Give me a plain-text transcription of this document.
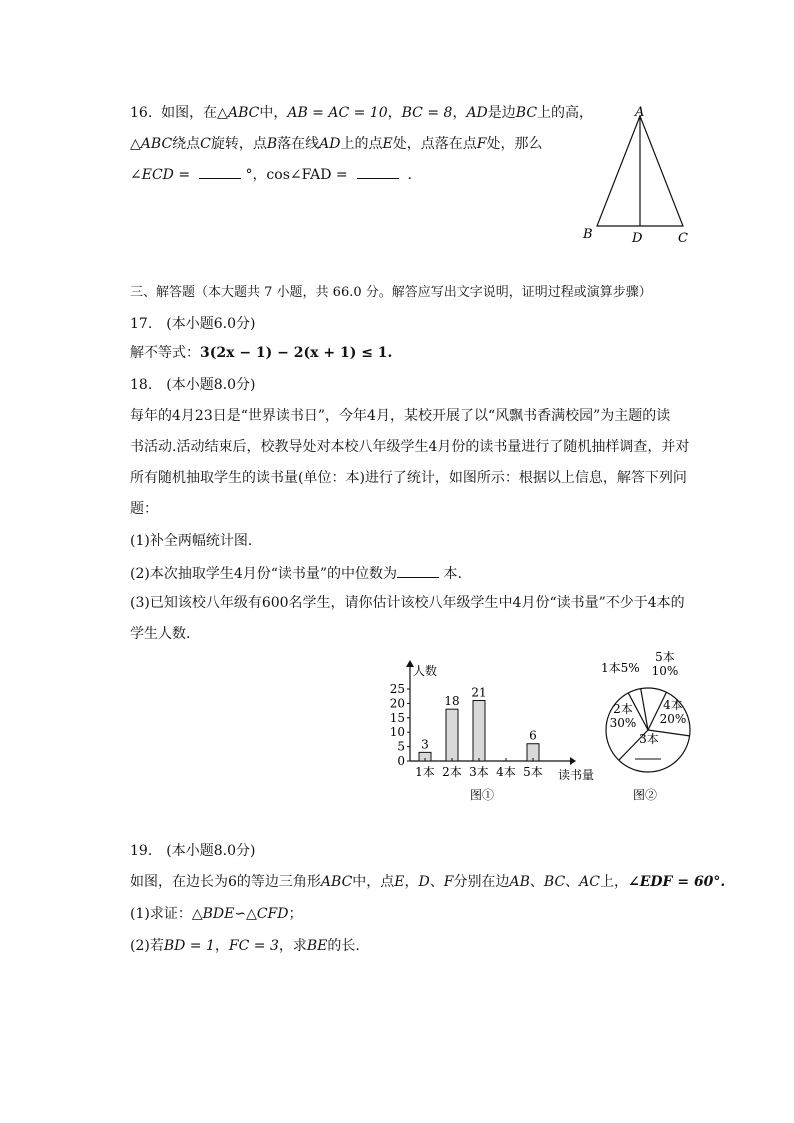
16. 如图，在△ABC中，AB = AC = 10，BC = 8，AD是边BC上的高，
△ABC绕点C旋转，点B落在线AD上的点E处，点落在点F处，那么
∠ECD =	°，cos∠FAD =	.
A
B	D	C
三、解答题（本大题共 7 小题，共 66.0 分。解答应写出文字说明，证明过程或演算步骤）
17.　(本小题6.0分)
解不等式：3(2x − 1) − 2(x + 1) ≤ 1.
18.　(本小题8.0分)
每年的4月23日是“世界读书日”，今年4月，某校开展了以“风飘书香满校园”为主题的读
书活动.活动结束后，校教导处对本校八年级学生4月份的读书量进行了随机抽样调查，并对
所有随机抽取学生的读书量(单位：本)进行了统计，如图所示：根据以上信息，解答下列问
题：
(1)补全两幅统计图.
(2)本次抽取学生4月份“读书量”的中位数为	本.
(3)已知该校八年级有600名学生，请你估计该校八年级学生中4月份“读书量”不少于4本的
学生人数.
0
5
10
15
20
25
3
18
21
6
1本 2本 3本 4本 5本
人数
读书量
图①
1本5%
2本
30%
3本
4本
20%
5本
10%
图②
19.　(本小题8.0分)
如图，在边长为6的等边三角形ABC中，点E，D、F分别在边AB、BC、AC上，∠EDF = 60°.
(1)求证：△BDE∽△CFD；
(2)若BD = 1，FC = 3，求BE的长.
